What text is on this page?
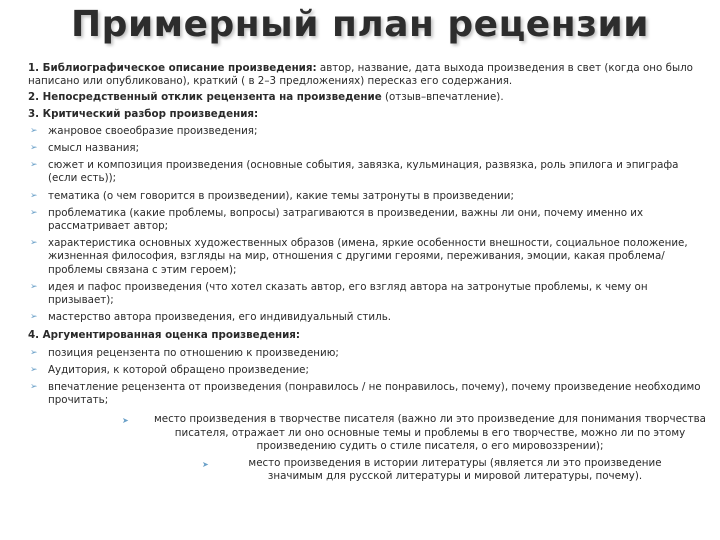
Примерный план рецензии

1. Библиографическое описание произведения: автор, название, дата выхода произведения в свет (когда оно было написано или опубликовано), краткий ( в 2–3 предложениях) пересказ его содержания.

2. Непосредственный отклик рецензента на произведение (отзыв–впечатление).

3. Критический разбор произведения:

➢ жанровое своеобразие произведения;
➢ смысл названия;
➢ сюжет и композиция произведения (основные события, завязка, кульминация, развязка, роль эпилога и эпиграфа (если есть));
➢ тематика (о чем говорится в произведении), какие темы затронуты в произведении;
➢ проблематика (какие проблемы, вопросы) затрагиваются в произведении, важны ли они, почему именно их рассматривает автор;
➢ характеристика основных художественных образов (имена, яркие особенности внешности, социальное положение, жизненная философия, взгляды на мир, отношения с другими героями, переживания, эмоции, какая проблема/проблемы связана с этим героем);
➢ идея и пафос произведения (что хотел сказать автор, его взгляд автора на затронутые проблемы, к чему он призывает);
➢ мастерство автора произведения, его индивидуальный стиль.

4. Аргументированная оценка произведения:

➢ позиция рецензента по отношению к произведению;
➢ Аудитория, к которой обращено произведение;
➢ впечатление рецензента от произведения (понравилось / не понравилось, почему), почему произведение необходимо прочитать;
➤ место произведения в творчестве писателя (важно ли это произведение для понимания творчества писателя, отражает ли оно основные темы и проблемы в его творчестве, можно ли по этому произведению судить о стиле писателя, о его мировоззрении);
➤	место произведения в истории литературы (является ли это произведение значимым для русской литературы и мировой литературы, почему).
